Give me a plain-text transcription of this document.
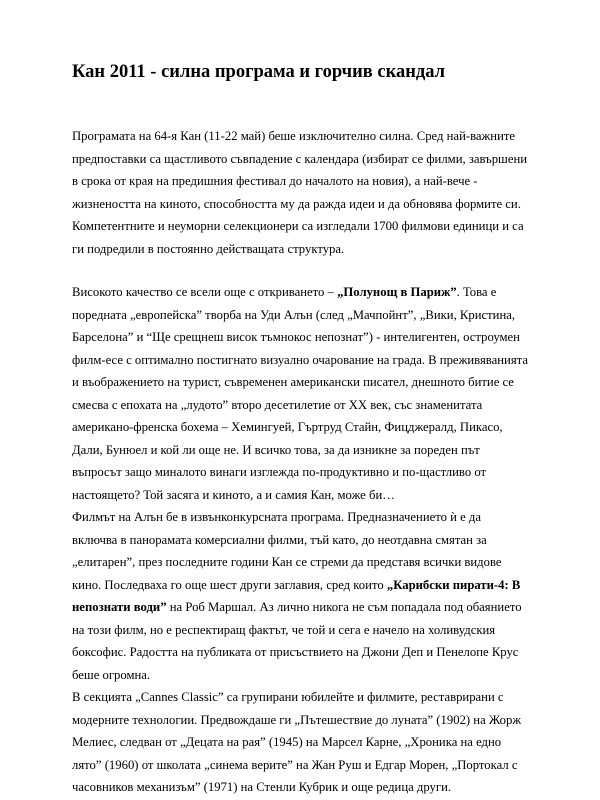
Кан 2011 - силна програма и горчив скандал

Програмата на 64-я Кан (11-22 май) беше изключително силна. Сред най-важните предпоставки са щастливото съвпадение с календара (избират се филми, завършени в срока от края на предишния фестивал до началото на новия), а най-вече - жизнеността на киното, способността му да ражда идеи и да обновява формите си. Компетентните и неуморни селекционери са изгледали 1700 филмови единици и са ги подредили в постоянно действащата структура.

Високото качество се всели още с откриването – „Полунощ в Париж”. Това е поредната „европейска” творба на Уди Алън (след „Мачпойнт”, „Вики, Кристина, Барселона” и “Ще срещнеш висок тъмнокос непознат”) - интелигентен, остроумен филм-есе с оптимално постигнато визуално очарование на града. В преживяванията и въображението на турист, съвременен американски писател, днешното битие се смесва с епохата на „лудото” второ десетилетие от XX век, със знаменитата американо-френска бохема – Хемингуей, Гъртруд Стайн, Фицджералд, Пикасо, Дали, Бунюел и кой ли още не. И всичко това, за да изникне за пореден път въпросът защо миналото винаги изглежда по-продуктивно и по-щастливо от настоящето? Той засяга и киното, а и самия Кан, може би…

Филмът на Алън бе в извънконкурсната програма. Предназначението ѝ е да включва в панорамата комерсиални филми, тъй като, до неотдавна смятан за „елитарен”, през последните години Кан се стреми да представя всички видове кино. Последваха го още шест други заглавия, сред които „Карибски пирати-4: В непознати води” на Роб Маршал. Аз лично никога не съм попадала под обаянието на този филм, но е респектиращ фактът, че той и сега е начело на холивудския боксофис. Радостта на публиката от присъствието на Джони Деп и Пенелопе Крус беше огромна.

В секцията „Cannes Classic” са групирани юбилейте и филмите, реставрирани с модерните технологии. Предвождаше ги „Пътешествие до луната” (1902) на Жорж Мелиес, следван от „Децата на рая” (1945) на Марсел Карне, „Хроника на едно лято” (1960) от школата „синема верите” на Жан Руш и Едгар Морен, „Портокал с часовников механизъм” (1971) на Стенли Кубрик и още редица други.
